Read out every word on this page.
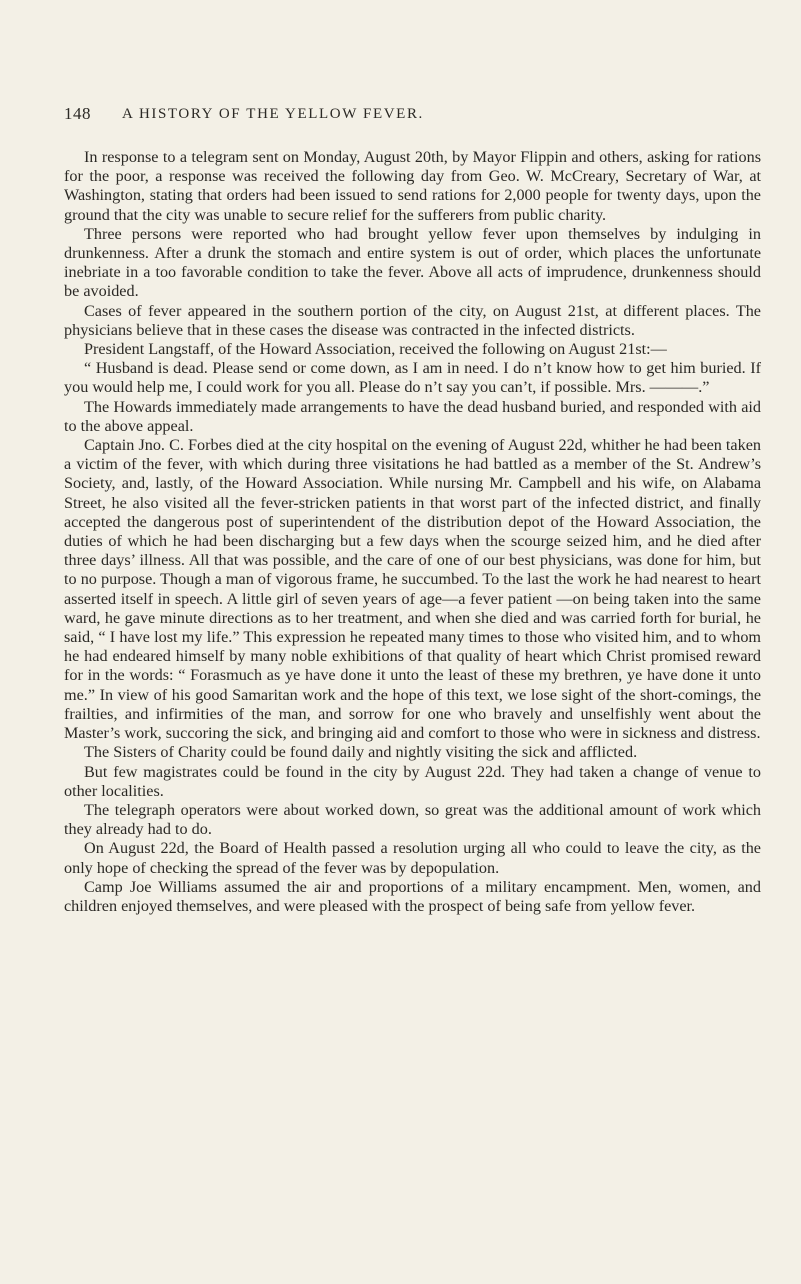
148 A HISTORY OF THE YELLOW FEVER.

In response to a telegram sent on Monday, August 20th, by Mayor Flippin and others, asking for rations for the poor, a response was received the following day from Geo. W. McCreary, Secretary of War, at Washington, stating that orders had been issued to send rations for 2,000 people for twenty days, upon the ground that the city was unable to secure relief for the sufferers from public charity.

Three persons were reported who had brought yellow fever upon themselves by indulging in drunkenness. After a drunk the stomach and entire system is out of order, which places the unfortunate inebriate in a too favorable condition to take the fever. Above all acts of imprudence, drunkenness should be avoided.

Cases of fever appeared in the southern portion of the city, on August 21st, at different places. The physicians believe that in these cases the disease was contracted in the infected districts.

President Langstaff, of the Howard Association, received the following on August 21st:—

“ Husband is dead. Please send or come down, as I am in need. I do n’t know how to get him buried. If you would help me, I could work for you all. Please do n’t say you can’t, if possible. Mrs. ———.”

The Howards immediately made arrangements to have the dead husband buried, and responded with aid to the above appeal.

Captain Jno. C. Forbes died at the city hospital on the evening of August 22d, whither he had been taken a victim of the fever, with which during three visitations he had battled as a member of the St. Andrew’s Society, and, lastly, of the Howard Association. While nursing Mr. Campbell and his wife, on Alabama Street, he also visited all the fever-stricken patients in that worst part of the infected district, and finally accepted the dangerous post of superintendent of the distribution depot of the Howard Association, the duties of which he had been discharging but a few days when the scourge seized him, and he died after three days’ illness. All that was possible, and the care of one of our best physicians, was done for him, but to no purpose. Though a man of vigorous frame, he succumbed. To the last the work he had nearest to heart asserted itself in speech. A little girl of seven years of age—a fever patient —on being taken into the same ward, he gave minute directions as to her treatment, and when she died and was carried forth for burial, he said, “ I have lost my life.” This expression he repeated many times to those who visited him, and to whom he had endeared himself by many noble exhibitions of that quality of heart which Christ promised reward for in the words: “ Forasmuch as ye have done it unto the least of these my brethren, ye have done it unto me.” In view of his good Samaritan work and the hope of this text, we lose sight of the short-comings, the frailties, and infirmities of the man, and sorrow for one who bravely and unselfishly went about the Master’s work, succoring the sick, and bringing aid and comfort to those who were in sickness and distress.

The Sisters of Charity could be found daily and nightly visiting the sick and afflicted.

But few magistrates could be found in the city by August 22d. They had taken a change of venue to other localities.

The telegraph operators were about worked down, so great was the additional amount of work which they already had to do.

On August 22d, the Board of Health passed a resolution urging all who could to leave the city, as the only hope of checking the spread of the fever was by depopulation.

Camp Joe Williams assumed the air and proportions of a military encampment. Men, women, and children enjoyed themselves, and were pleased with the prospect of being safe from yellow fever.
